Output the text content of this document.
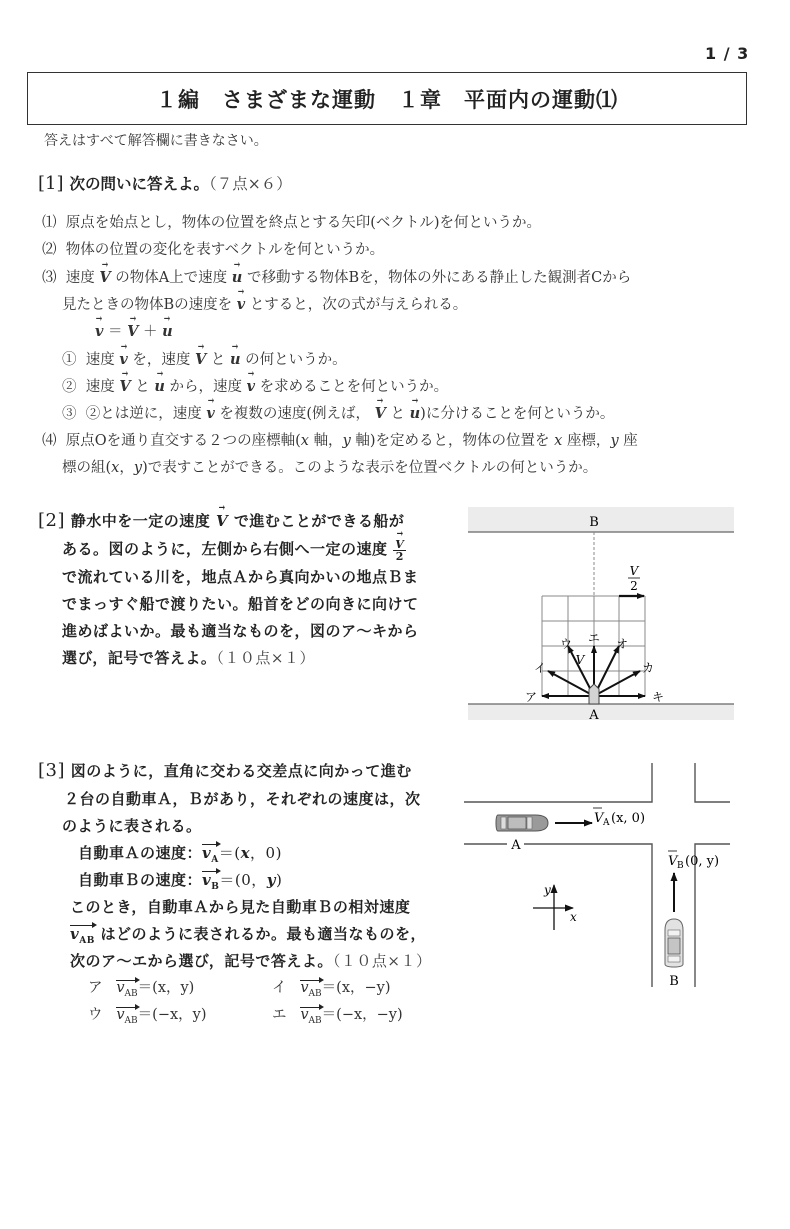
1 / 3
１編　さまざまな運動　１章　平面内の運動⑴
答えはすべて解答欄に書きなさい。
[1] 次の問いに答えよ。（７点×６）
⑴ 原点を始点とし，物体の位置を終点とする矢印(ベクトル)を何というか。
⑵ 物体の位置の変化を表すベクトルを何というか。
⑶ 速度 → V の物体A上で速度 → u で移動する物体Bを，物体の外にある静止した観測者Cから
見たときの物体Bの速度を → v とすると，次の式が与えられる。
→ v ＝ → V ＋ → u
① 速度 → v を，速度 → V と → u の何というか。
② 速度 → V と → u から，速度 → v を求めることを何というか。
③ ②とは逆に，速度 → v を複数の速度(例えば， → V と → u)に分けることを何というか。
⑷ 原点Oを通り直交する２つの座標軸(x 軸，y 軸)を定めると，物体の位置を x 座標，y 座
標の組(x，y)で表すことができる。このような表示を位置ベクトルの何というか。
[2] 静水中を一定の速度 → V で進むことができる船が
ある。図のように，左側から右側へ一定の速度 → $\frac{V}{2}$
で流れている川を，地点Ａから真向かいの地点Ｂま
でまっすぐ船で渡りたい。船首をどの向きに向けて
進めばよいか。最も適当なものを，図のア～キから
選び，記号で答えよ。（１０点×１）
B
A
V
2
V
ア
イ
ウ エ オ
カ
キ
[3] 図のように，直角に交わる交差点に向かって進む
２台の自動車Ａ，Ｂがあり，それぞれの速度は，次
のように表される。
自動車Ａの速度：$v_A=(x$，0)
自動車Ｂの速度：$v_B=(0$，y)
このとき，自動車Ａから見た自動車Ｂの相対速度
$v_{AB}$ はどのように表されるか。最も適当なものを，
次のア～エから選び，記号で答えよ。（１０点×１）
ア $v_{AB}=(x$，y)	イ $v_{AB}=(x$，−y)
ウ $v_{AB}=(-x$，y)	エ $v_{AB}=(-x$，−y)
A
V A (x, 0)
B
V B (0, y)
x
y
